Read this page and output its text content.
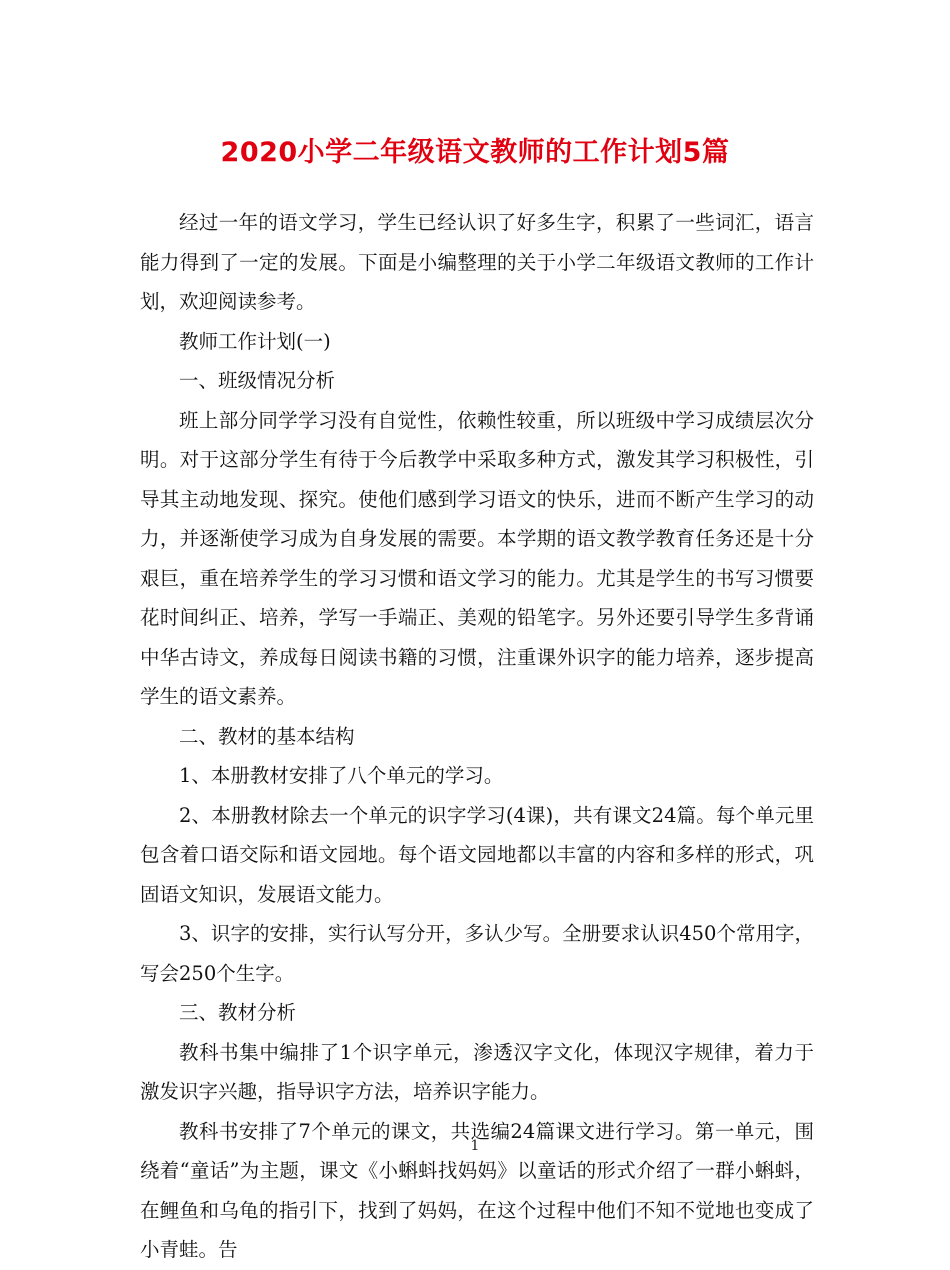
2020小学二年级语文教师的工作计划5篇

经过一年的语文学习，学生已经认识了好多生字，积累了一些词汇，语言能力得到了一定的发展。下面是小编整理的关于小学二年级语文教师的工作计划，欢迎阅读参考。

教师工作计划(一)

一、班级情况分析

班上部分同学学习没有自觉性，依赖性较重，所以班级中学习成绩层次分明。对于这部分学生有待于今后教学中采取多种方式，激发其学习积极性，引导其主动地发现、探究。使他们感到学习语文的快乐，进而不断产生学习的动力，并逐渐使学习成为自身发展的需要。本学期的语文教学教育任务还是十分艰巨，重在培养学生的学习习惯和语文学习的能力。尤其是学生的书写习惯要花时间纠正、培养，学写一手端正、美观的铅笔字。另外还要引导学生多背诵中华古诗文，养成每日阅读书籍的习惯，注重课外识字的能力培养，逐步提高学生的语文素养。

二、教材的基本结构

1、本册教材安排了八个单元的学习。

2、本册教材除去一个单元的识字学习(4课)，共有课文24篇。每个单元里包含着口语交际和语文园地。每个语文园地都以丰富的内容和多样的形式，巩固语文知识，发展语文能力。

3、识字的安排，实行认写分开，多认少写。全册要求认识450个常用字，写会250个生字。

三、教材分析

教科书集中编排了1个识字单元，渗透汉字文化，体现汉字规律，着力于激发识字兴趣，指导识字方法，培养识字能力。

教科书安排了7个单元的课文，共选编24篇课文进行学习。第一单元，围绕着“童话”为主题，课文《小蝌蚪找妈妈》以童话的形式介绍了一群小蝌蚪，在鲤鱼和乌龟的指引下，找到了妈妈，在这个过程中他们不知不觉地也变成了小青蛙。告

1
